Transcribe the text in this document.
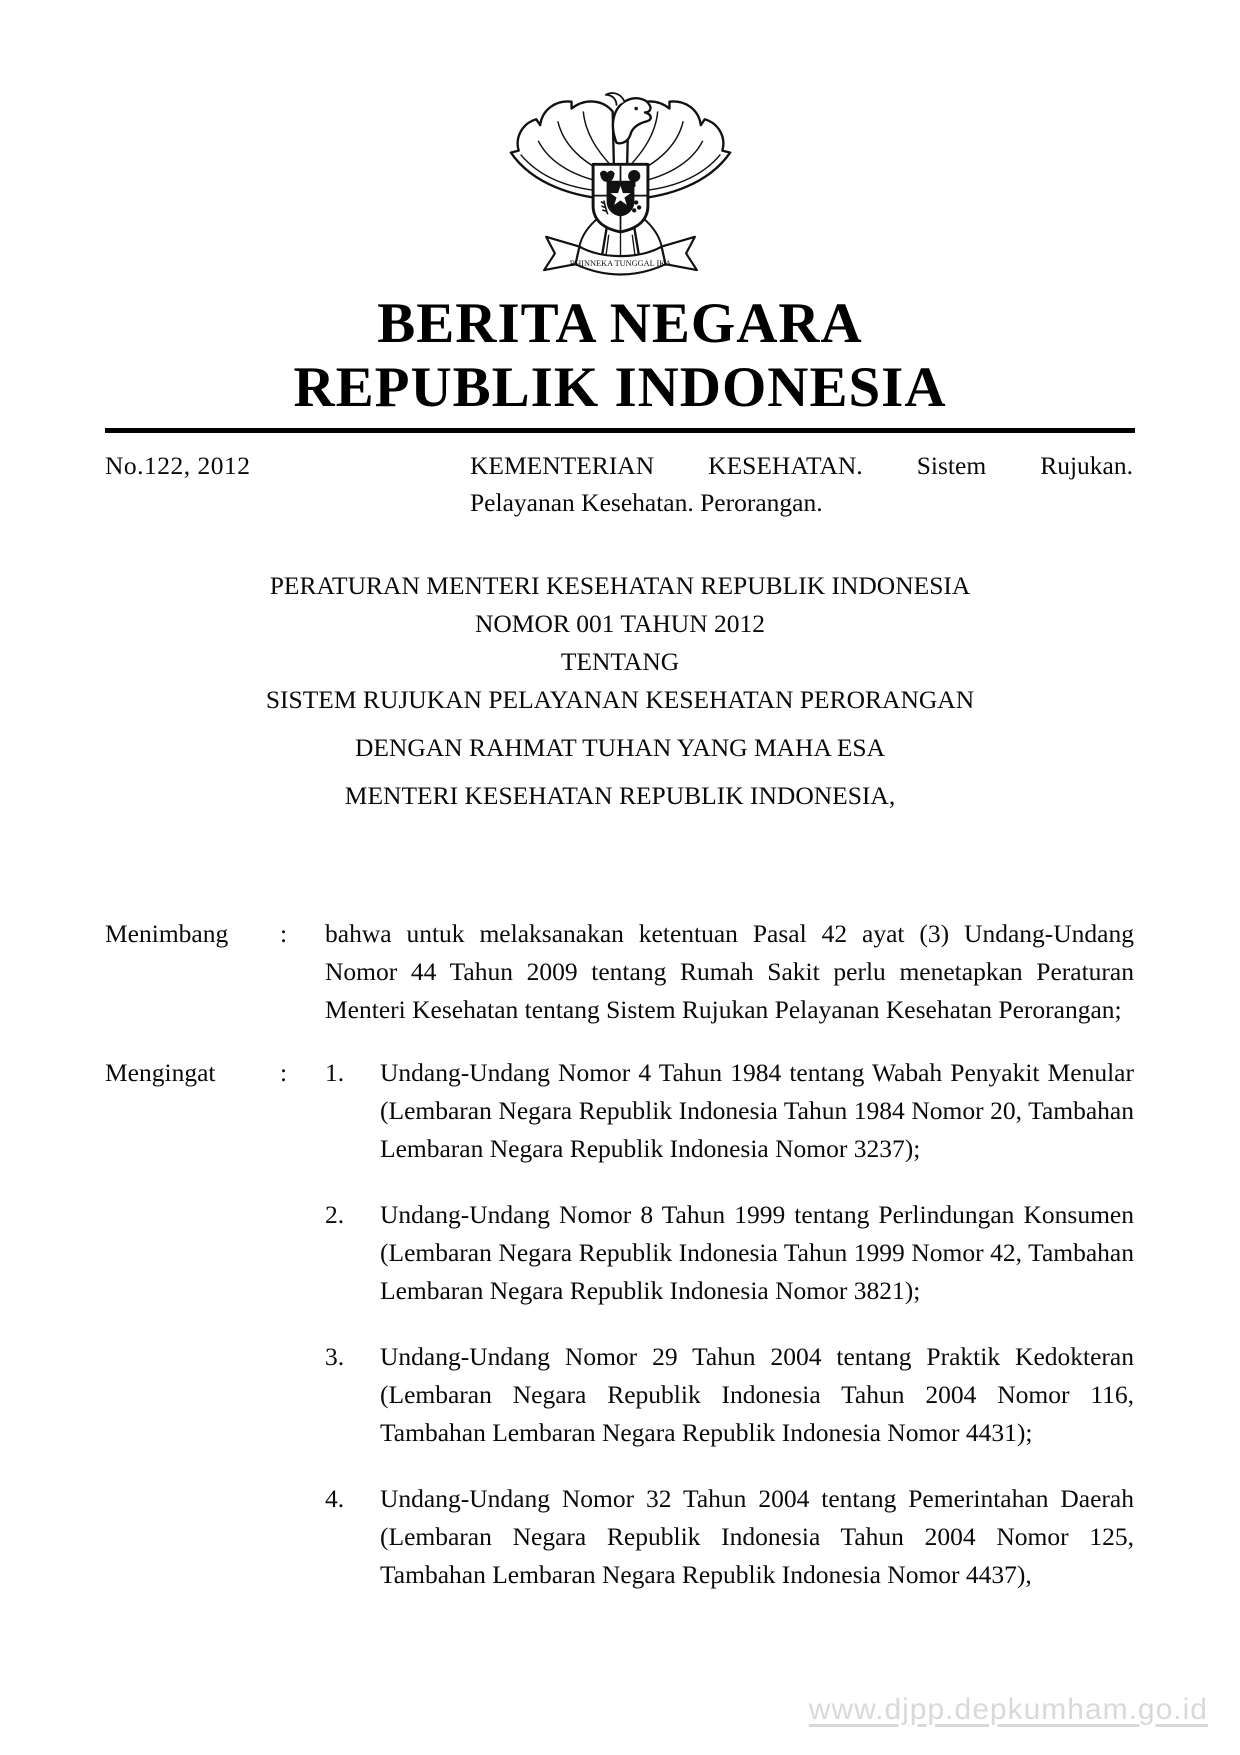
BHINNEKA TUNGGAL IKA
BERITA NEGARA
REPUBLIK INDONESIA
No.122, 2012	KEMENTERIAN KESEHATAN. Sistem Rujukan.
Pelayanan Kesehatan. Perorangan.
PERATURAN MENTERI KESEHATAN REPUBLIK INDONESIA
NOMOR 001 TAHUN 2012
TENTANG
SISTEM RUJUKAN PELAYANAN KESEHATAN PERORANGAN
DENGAN RAHMAT TUHAN YANG MAHA ESA
MENTERI KESEHATAN REPUBLIK INDONESIA,
Menimbang	:	bahwa untuk melaksanakan ketentuan Pasal 42 ayat (3) Undang-Undang Nomor 44 Tahun 2009 tentang Rumah Sakit perlu menetapkan Peraturan Menteri Kesehatan tentang Sistem Rujukan Pelayanan Kesehatan Perorangan;
Mengingat	:	1.	Undang-Undang Nomor 4 Tahun 1984 tentang Wabah Penyakit Menular (Lembaran Negara Republik Indonesia Tahun 1984 Nomor 20, Tambahan Lembaran Negara Republik Indonesia Nomor 3237);
2.	Undang-Undang Nomor 8 Tahun 1999 tentang Perlindungan Konsumen (Lembaran Negara Republik Indonesia Tahun 1999 Nomor 42, Tambahan Lembaran Negara Republik Indonesia Nomor 3821);
3.	Undang-Undang Nomor 29 Tahun 2004 tentang Praktik Kedokteran (Lembaran Negara Republik Indonesia Tahun 2004 Nomor 116, Tambahan Lembaran Negara Republik Indonesia Nomor 4431);
4.	Undang-Undang Nomor 32 Tahun 2004 tentang Pemerintahan Daerah (Lembaran Negara Republik Indonesia Tahun 2004 Nomor 125, Tambahan Lembaran Negara Republik Indonesia Nomor 4437),
www.djpp.depkumham.go.id
